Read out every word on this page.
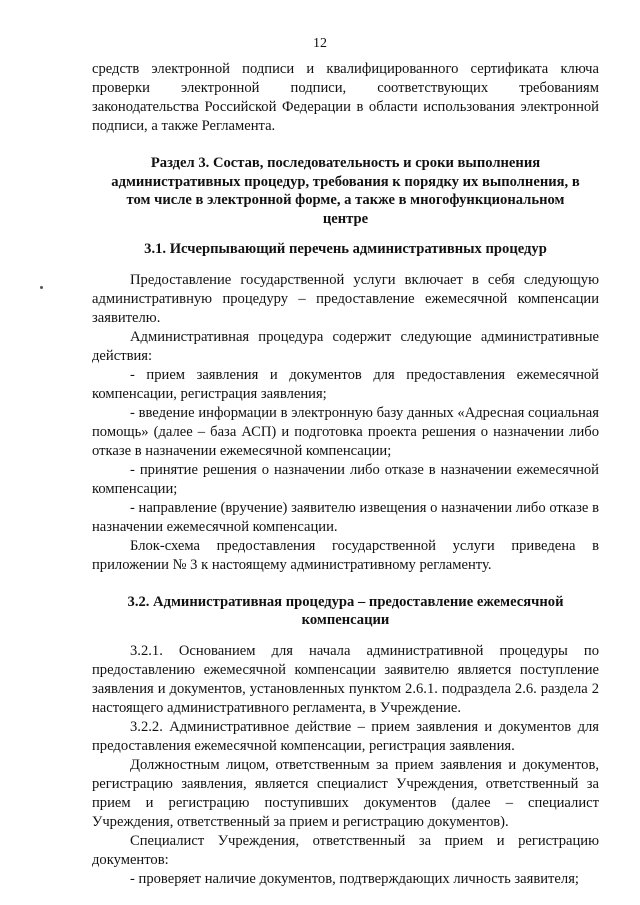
12

средств электронной подписи и квалифицированного сертификата ключа проверки электронной подписи, соответствующих требованиям законодательства Российской Федерации в области использования электронной подписи, а также Регламента.

Раздел 3. Состав, последовательность и сроки выполнения административных процедур, требования к порядку их выполнения, в том числе в электронной форме, а также в многофункциональном центре

3.1. Исчерпывающий перечень административных процедур

Предоставление государственной услуги включает в себя следующую административную процедуру – предоставление ежемесячной компенсации заявителю.

Административная процедура содержит следующие административные действия:

- прием заявления и документов для предоставления ежемесячной компенсации, регистрация заявления;

- введение информации в электронную базу данных «Адресная социальная помощь» (далее – база АСП) и подготовка проекта решения о назначении либо отказе в назначении ежемесячной компенсации;

- принятие решения о назначении либо отказе в назначении ежемесячной компенсации;

- направление (вручение) заявителю извещения о назначении либо отказе в назначении ежемесячной компенсации.

Блок-схема предоставления государственной услуги приведена в приложении № 3 к настоящему административному регламенту.

3.2. Административная процедура – предоставление ежемесячной компенсации

3.2.1. Основанием для начала административной процедуры по предоставлению ежемесячной компенсации заявителю является поступление заявления и документов, установленных пунктом 2.6.1. подраздела 2.6. раздела 2 настоящего административного регламента, в Учреждение.

3.2.2. Административное действие – прием заявления и документов для предоставления ежемесячной компенсации, регистрация заявления.

Должностным лицом, ответственным за прием заявления и документов, регистрацию заявления, является специалист Учреждения, ответственный за прием и регистрацию поступивших документов (далее – специалист Учреждения, ответственный за прием и регистрацию документов).

Специалист Учреждения, ответственный за прием и регистрацию документов:

- проверяет наличие документов, подтверждающих личность заявителя;
